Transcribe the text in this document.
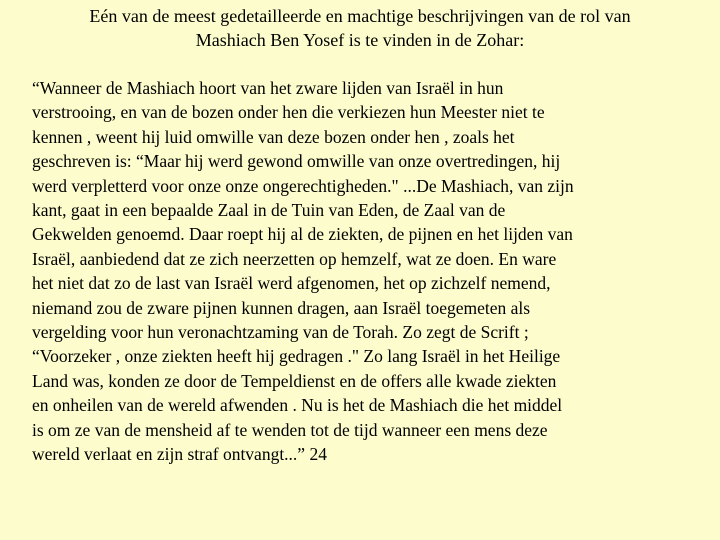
Eén van de meest gedetailleerde en machtige beschrijvingen van de rol van
Mashiach Ben Yosef is te vinden in de Zohar:
“Wanneer de Mashiach hoort van het zware lijden van Israël in hun
verstrooing, en van de bozen onder hen die verkiezen hun Meester niet te
kennen , weent hij luid omwille van deze bozen onder hen , zoals het
geschreven is: “Maar hij werd gewond omwille van onze overtredingen, hij
werd verpletterd voor onze onze ongerechtigheden." ...De Mashiach, van zijn
kant, gaat in een bepaalde Zaal in de Tuin van Eden, de Zaal van de
Gekwelden genoemd. Daar roept hij al de ziekten, de pijnen en het lijden van
Israël, aanbiedend dat ze zich neerzetten op hemzelf, wat ze doen. En ware
het niet dat zo de last van Israël werd afgenomen, het op zichzelf nemend,
niemand zou de zware pijnen kunnen dragen, aan Israël toegemeten als
vergelding voor hun veronachtzaming van de Torah. Zo zegt de Scrift ;
“Voorzeker , onze ziekten heeft hij gedragen ." Zo lang Israël in het Heilige
Land was, konden ze door de Tempeldienst en de offers alle kwade ziekten
en onheilen van de wereld afwenden . Nu is het de Mashiach die het middel
is om ze van de mensheid af te wenden tot de tijd wanneer een mens deze
wereld verlaat en zijn straf ontvangt...” 24
